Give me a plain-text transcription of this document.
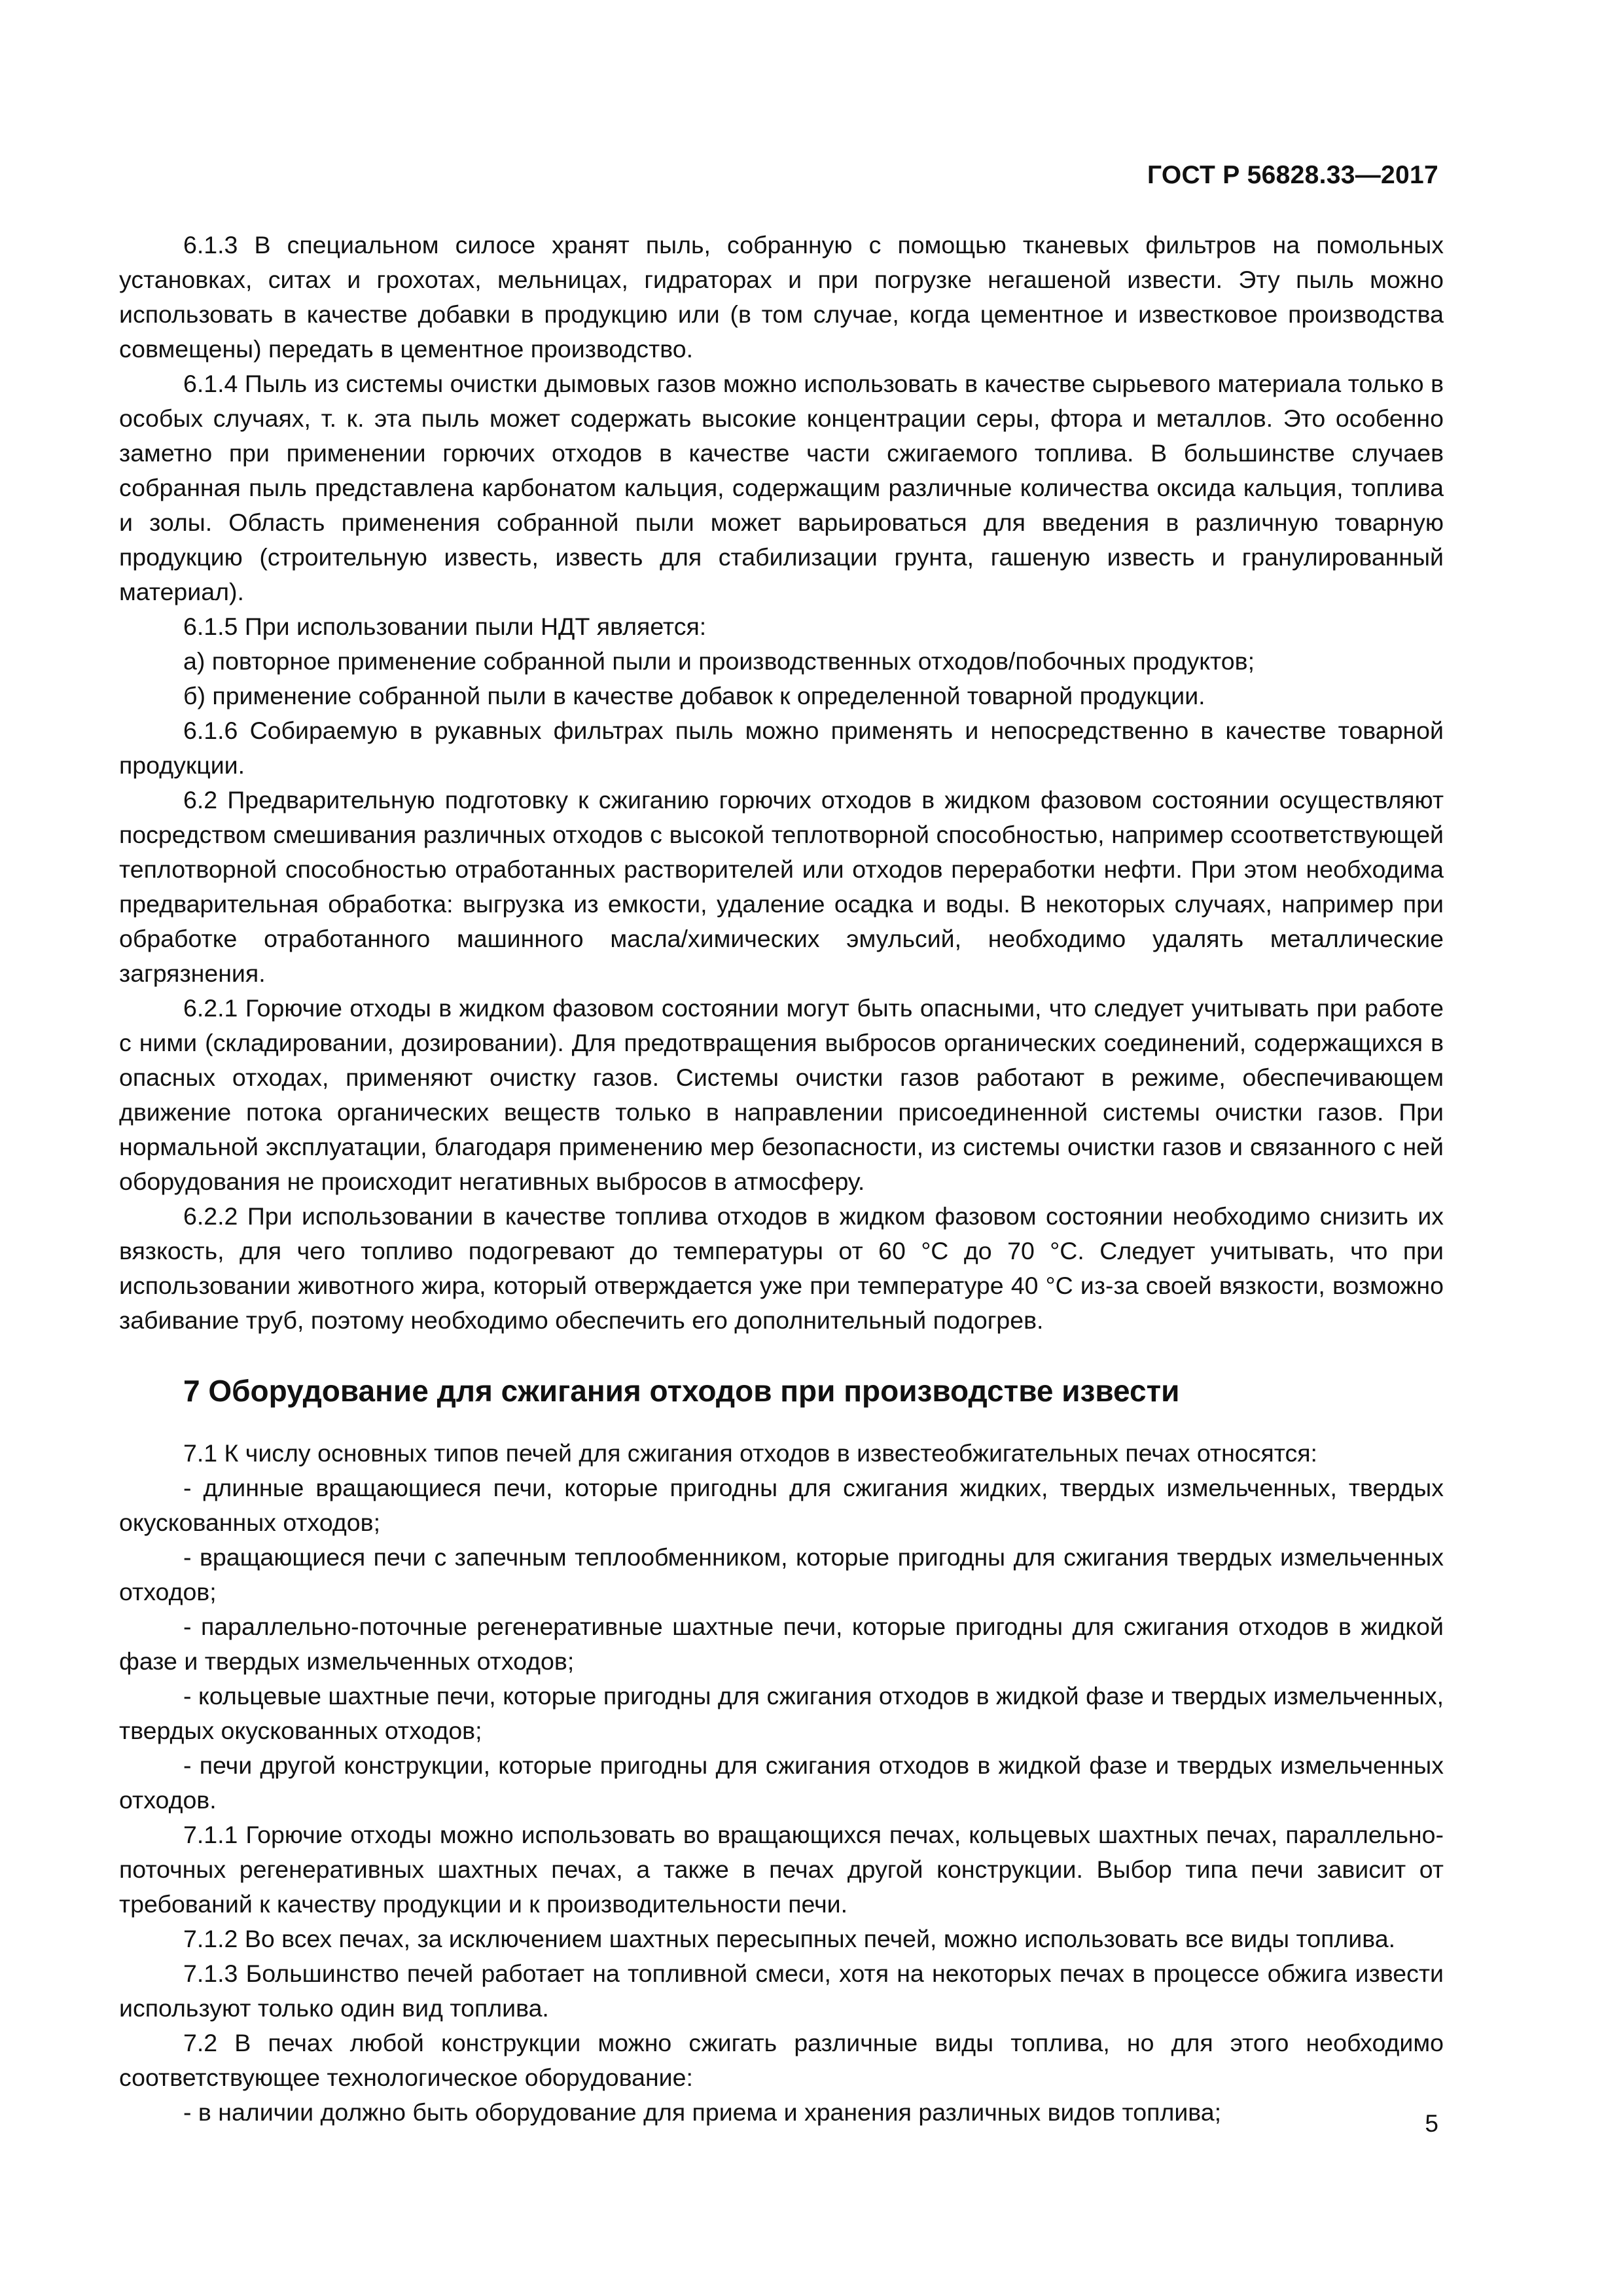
ГОСТ Р 56828.33—2017

6.1.3 В специальном силосе хранят пыль, собранную с помощью тканевых фильтров на помольных установках, ситах и грохотах, мельницах, гидраторах и при погрузке негашеной извести. Эту пыль можно использовать в качестве добавки в продукцию или (в том случае, когда цементное и известковое производства совмещены) передать в цементное производство.

6.1.4 Пыль из системы очистки дымовых газов можно использовать в качестве сырьевого материала только в особых случаях, т. к. эта пыль может содержать высокие концентрации серы, фтора и металлов. Это особенно заметно при применении горючих отходов в качестве части сжигаемого топлива. В большинстве случаев собранная пыль представлена карбонатом кальция, содержащим различные количества оксида кальция, топлива и золы. Область применения собранной пыли может варьироваться для введения в различную товарную продукцию (строительную известь, известь для стабилизации грунта, гашеную известь и гранулированный материал).

6.1.5 При использовании пыли НДТ является:

а) повторное применение собранной пыли и производственных отходов/побочных продуктов;

б) применение собранной пыли в качестве добавок к определенной товарной продукции.

6.1.6 Собираемую в рукавных фильтрах пыль можно применять и непосредственно в качестве товарной продукции.

6.2 Предварительную подготовку к сжиганию горючих отходов в жидком фазовом состоянии осуществляют посредством смешивания различных отходов с высокой теплотворной способностью, например ссоответствующей теплотворной способностью отработанных растворителей или отходов переработки нефти. При этом необходима предварительная обработка: выгрузка из емкости, удаление осадка и воды. В некоторых случаях, например при обработке отработанного машинного масла/химических эмульсий, необходимо удалять металлические загрязнения.

6.2.1 Горючие отходы в жидком фазовом состоянии могут быть опасными, что следует учитывать при работе с ними (складировании, дозировании). Для предотвращения выбросов органических соединений, содержащихся в опасных отходах, применяют очистку газов. Системы очистки газов работают в режиме, обеспечивающем движение потока органических веществ только в направлении присоединенной системы очистки газов. При нормальной эксплуатации, благодаря применению мер безопасности, из системы очистки газов и связанного с ней оборудования не происходит негативных выбросов в атмосферу.

6.2.2 При использовании в качестве топлива отходов в жидком фазовом состоянии необходимо снизить их вязкость, для чего топливо подогревают до температуры от 60 °С до 70 °С. Следует учитывать, что при использовании животного жира, который отверждается уже при температуре 40 °С из-за своей вязкости, возможно забивание труб, поэтому необходимо обеспечить его дополнительный подогрев.

7 Оборудование для сжигания отходов при производстве извести

7.1 К числу основных типов печей для сжигания отходов в известеобжигательных печах относятся:

- длинные вращающиеся печи, которые пригодны для сжигания жидких, твердых измельченных, твердых окускованных отходов;

- вращающиеся печи с запечным теплообменником, которые пригодны для сжигания твердых измельченных отходов;

- параллельно-поточные регенеративные шахтные печи, которые пригодны для сжигания отходов в жидкой фазе и твердых измельченных отходов;

- кольцевые шахтные печи, которые пригодны для сжигания отходов в жидкой фазе и твердых измельченных, твердых окускованных отходов;

- печи другой конструкции, которые пригодны для сжигания отходов в жидкой фазе и твердых измельченных отходов.

7.1.1 Горючие отходы можно использовать во вращающихся печах, кольцевых шахтных печах, параллельно-поточных регенеративных шахтных печах, а также в печах другой конструкции. Выбор типа печи зависит от требований к качеству продукции и к производительности печи.

7.1.2 Во всех печах, за исключением шахтных пересыпных печей, можно использовать все виды топлива.

7.1.3 Большинство печей работает на топливной смеси, хотя на некоторых печах в процессе обжига извести используют только один вид топлива.

7.2 В печах любой конструкции можно сжигать различные виды топлива, но для этого необходимо соответствующее технологическое оборудование:

- в наличии должно быть оборудование для приема и хранения различных видов топлива;	5
